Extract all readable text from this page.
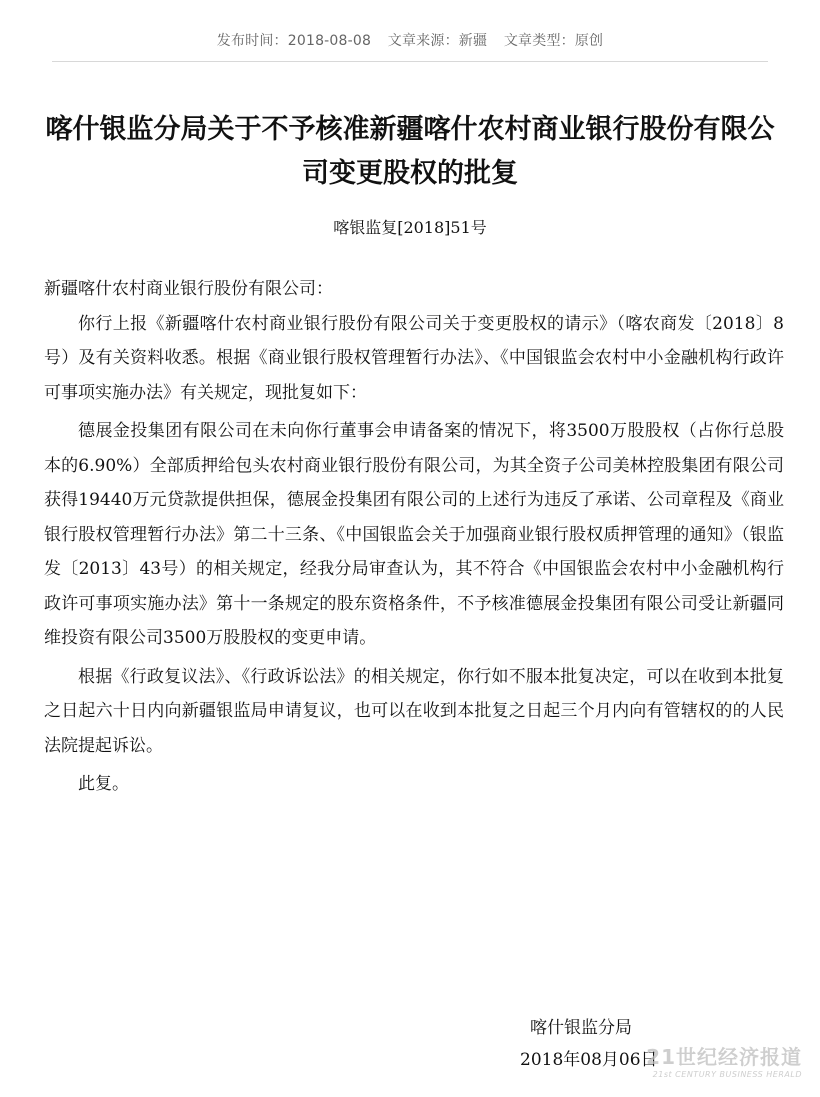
发布时间：2018-08-08 文章来源：新疆 文章类型：原创
喀什银监分局关于不予核准新疆喀什农村商业银行股份有限公司变更股权的批复
喀银监复[2018]51号

新疆喀什农村商业银行股份有限公司：

你行上报《新疆喀什农村商业银行股份有限公司关于变更股权的请示》（喀农商发〔2018〕8号）及有关资料收悉。根据《商业银行股权管理暂行办法》、《中国银监会农村中小金融机构行政许可事项实施办法》有关规定，现批复如下：

德展金投集团有限公司在未向你行董事会申请备案的情况下，将3500万股股权（占你行总股本的6.90%）全部质押给包头农村商业银行股份有限公司，为其全资子公司美林控股集团有限公司获得19440万元贷款提供担保，德展金投集团有限公司的上述行为违反了承诺、公司章程及《商业银行股权管理暂行办法》第二十三条、《中国银监会关于加强商业银行股权质押管理的通知》（银监发〔2013〕43号）的相关规定，经我分局审查认为，其不符合《中国银监会农村中小金融机构行政许可事项实施办法》第十一条规定的股东资格条件，不予核准德展金投集团有限公司受让新疆同维投资有限公司3500万股股权的变更申请。

根据《行政复议法》、《行政诉讼法》的相关规定，你行如不服本批复决定，可以在收到本批复之日起六十日内向新疆银监局申请复议，也可以在收到本批复之日起三个月内向有管辖权的的人民法院提起诉讼。

此复。

喀什银监分局
2018年08月06日
21世纪经济报道
21st CENTURY BUSINESS HERALD
